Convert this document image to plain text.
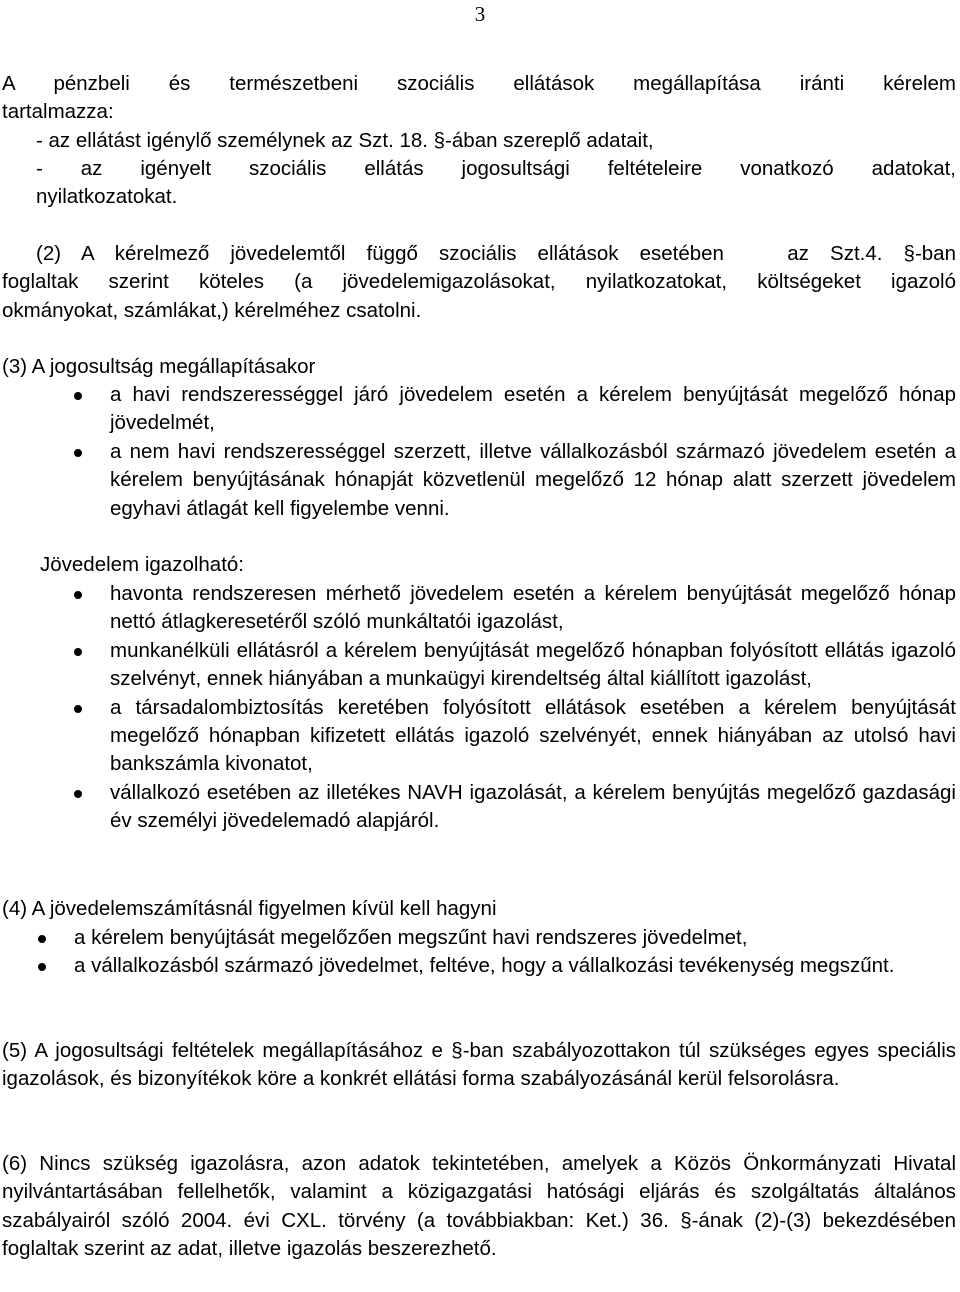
3

A pénzbeli és természetbeni szociális ellátások megállapítása iránti kérelem

tartalmazza:

- az ellátást igénylő személynek az Szt. 18. §-ában szereplő adatait,

- az igényelt szociális ellátás jogosultsági feltételeire vonatkozó adatokat,

nyilatkozatokat.

(2) A kérelmező jövedelemtől függő szociális ellátások esetében   az Szt.4. §-ban

foglaltak szerint köteles (a jövedelemigazolásokat, nyilatkozatokat, költségeket igazoló

okmányokat, számlákat,) kérelméhez csatolni.

(3) A jogosultság megállapításakor

a havi rendszerességgel járó jövedelem esetén a kérelem benyújtását megelőző hónap jövedelmét,
a nem havi rendszerességgel szerzett, illetve vállalkozásból származó jövedelem esetén a kérelem benyújtásának hónapját közvetlenül megelőző 12 hónap alatt szerzett jövedelem egyhavi átlagát kell figyelembe venni.

Jövedelem igazolható:

havonta rendszeresen mérhető jövedelem esetén a kérelem benyújtását megelőző hónap nettó átlagkeresetéről szóló munkáltatói igazolást,
munkanélküli ellátásról a kérelem benyújtását megelőző hónapban folyósított ellátás igazoló szelvényt, ennek hiányában a munkaügyi kirendeltség által kiállított igazolást,
a társadalombiztosítás keretében folyósított ellátások esetében a kérelem benyújtását megelőző hónapban kifizetett ellátás igazoló szelvényét, ennek hiányában az utolsó havi bankszámla kivonatot,
vállalkozó esetében az illetékes NAVH igazolását, a kérelem benyújtás megelőző gazdasági év személyi jövedelemadó alapjáról.

(4) A jövedelemszámításnál figyelmen kívül kell hagyni

a kérelem benyújtását megelőzően megszűnt havi rendszeres jövedelmet,
a vállalkozásból származó jövedelmet, feltéve, hogy a vállalkozási tevékenység megszűnt.

(5) A jogosultsági feltételek megállapításához e §-ban szabályozottakon túl szükséges egyes speciális igazolások, és bizonyítékok köre a konkrét ellátási forma szabályozásánál kerül felsorolásra.

(6) Nincs szükség igazolásra, azon adatok tekintetében, amelyek a Közös Önkormányzati Hivatal nyilvántartásában fellelhetők, valamint a közigazgatási hatósági eljárás és szolgáltatás általános szabályairól szóló 2004. évi CXL. törvény (a továbbiakban: Ket.) 36. §-ának (2)-(3) bekezdésében foglaltak szerint az adat, illetve igazolás beszerezhető.
